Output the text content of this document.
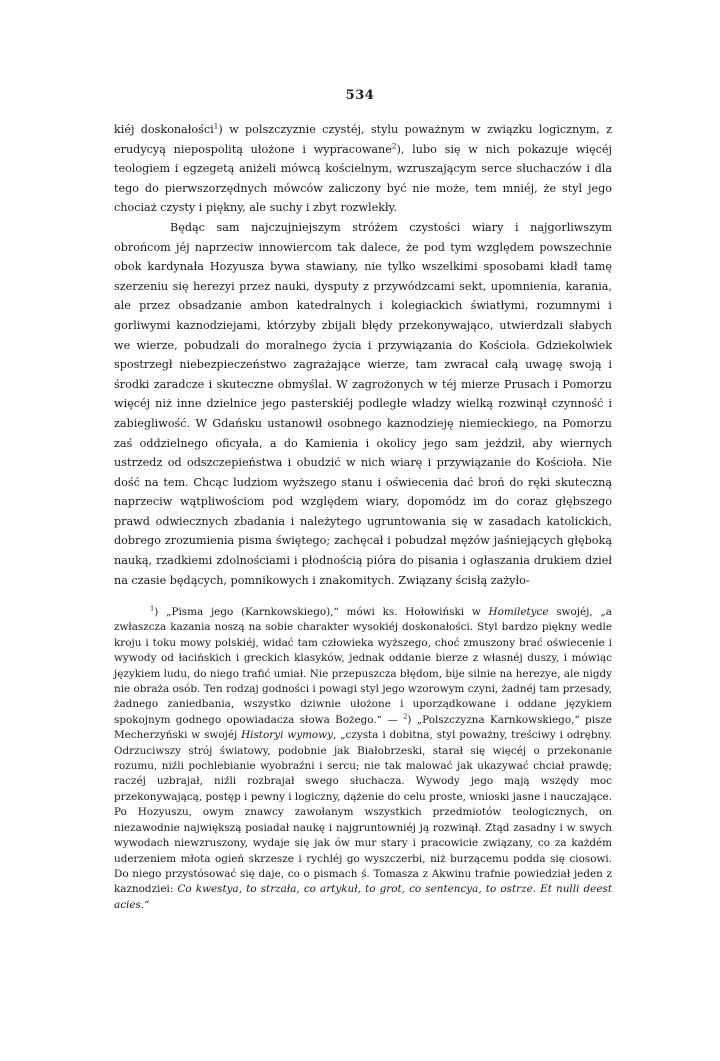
534

kiéj doskonałości$^1$) w polszczyznie czystéj, stylu poważnym w związku logicznym, z erudycyą niepospolitą ułożone i wypracowane$^2$), lubo się w nich pokazuje więcéj teologiem i egzegetą aniżeli mówcą kościelnym, wzruszającym serce słuchaczów i dla tego do pierwszorzędnych mówców zaliczony być nie może, tem mniéj, że styl jego chociaż czysty i piękny, ale suchy i zbyt rozwlekły.

Będąc sam najczujniejszym stróżem czystości wiary i najgorliwszym obrońcom jéj naprzeciw innowiercom tak dalece, że pod tym względem powszechnie obok kardynała Hozyusza bywa stawiany, nie tylko wszelkimi sposobami kładł tamę szerzeniu się herezyi przez nauki, dysputy z przywódzcami sekt, upomnienia, karania, ale przez obsadzanie ambon katedralnych i kolegiackich światłymi, rozumnymi i gorliwymi kaznodziejami, którzyby zbijali błędy przekonywająco, utwierdzali słabych we wierze, pobudzali do moralnego życia i przywiązania do Kościoła. Gdziekolwiek spostrzegł niebezpieczeństwo zagrażające wierze, tam zwracał całą uwagę swoją i środki zaradcze i skuteczne obmyślał. W zagrożonych w téj mierze Prusach i Pomorzu więcéj niż inne dzielnice jego pasterskiéj podległe władzy wielką rozwinął czynność i zabiegliwość. W Gdańsku ustanowił osobnego kaznodzieję niemieckiego, na Pomorzu zaś oddzielnego oficyała, a do Kamienia i okolicy jego sam jeździł, aby wiernych ustrzedz od odszczepieństwa i obudzić w nich wiarę i przywiązanie do Kościoła. Nie dość na tem. Chcąc ludziom wyższego stanu i oświecenia dać broń do ręki skuteczną naprzeciw wątpliwościom pod względem wiary, dopomódz im do coraz głębszego prawd odwiecznych zbadania i należytego ugruntowania się w zasadach katolickich, dobrego zrozumienia pisma świętego; zachęcał i pobudzał mężów jaśniejących głęboką nauką, rzadkiemi zdolnościami i płodnością pióra do pisania i ogłaszania drukiem dzieł na czasie będących, pomnikowych i znakomitych. Związany ścisłą zażyło-

$^1$) „Pisma jego (Karnkowskiego),“ mówi ks. Hołowiński w Homiletyce swojéj, „a zwłaszcza kazania noszą na sobie charakter wysokiéj doskonałości. Styl bardzo piękny wedle kroju i toku mowy polskiéj, widać tam człowieka wyższego, choć zmuszony brać oświecenie i wywody od łacińskich i greckich klasyków, jednak oddanie bierze z własnéj duszy, i mówiąc językiem ludu, do niego trafić umiał. Nie przepuszcza błędom, bije silnie na herezye, ale nigdy nie obraża osób. Ten rodzaj godności i powagi styl jego wzorowym czyni, żadnéj tam przesady, żadnego zaniedbania, wszystko dziwnie ułożone i uporządkowane i oddane językiem spokojnym godnego opowiadacza słowa Bożego.“ — $^2$) „Polszczyzna Karnkowskiego,“ pisze Mecherzyński w swojéj Historyi wymowy, „czysta i dobitna, styl poważny, treściwy i odrębny. Odrzuciwszy strój światowy, podobnie jak Białobrzeski, starał się więcéj o przekonanie rozumu, niźli pochlebianie wyobraźni i sercu; nie tak malować jak ukazywać chciał prawdę; raczéj uzbrajał, niźli rozbrajał swego słuchacza. Wywody jego mają wszędy moc przekonywającą, postęp i pewny i logiczny, dążenie do celu proste, wnioski jasne i nauczające. Po Hozyuszu, owym znawcy zawołanym wszystkich przedmiotów teologicznych, on niezawodnie największą posiadał naukę i najgruntowniéj ją rozwinął. Ztąd zasadny i w swych wywodach niewzruszony, wydaje się jak ów mur stary i pracowicie związany, co za każdém uderzeniem młota ogień skrzesze i rychléj go wyszczerbi, niż burzącemu podda się ciosowi. Do niego przystósować się daje, co o pismach ś. Tomasza z Akwinu trafnie powiedział jeden z kaznodziei: Co kwestya, to strzała, co artykuł, to grot, co sentencya, to ostrze. Et nulli deest acies.“
